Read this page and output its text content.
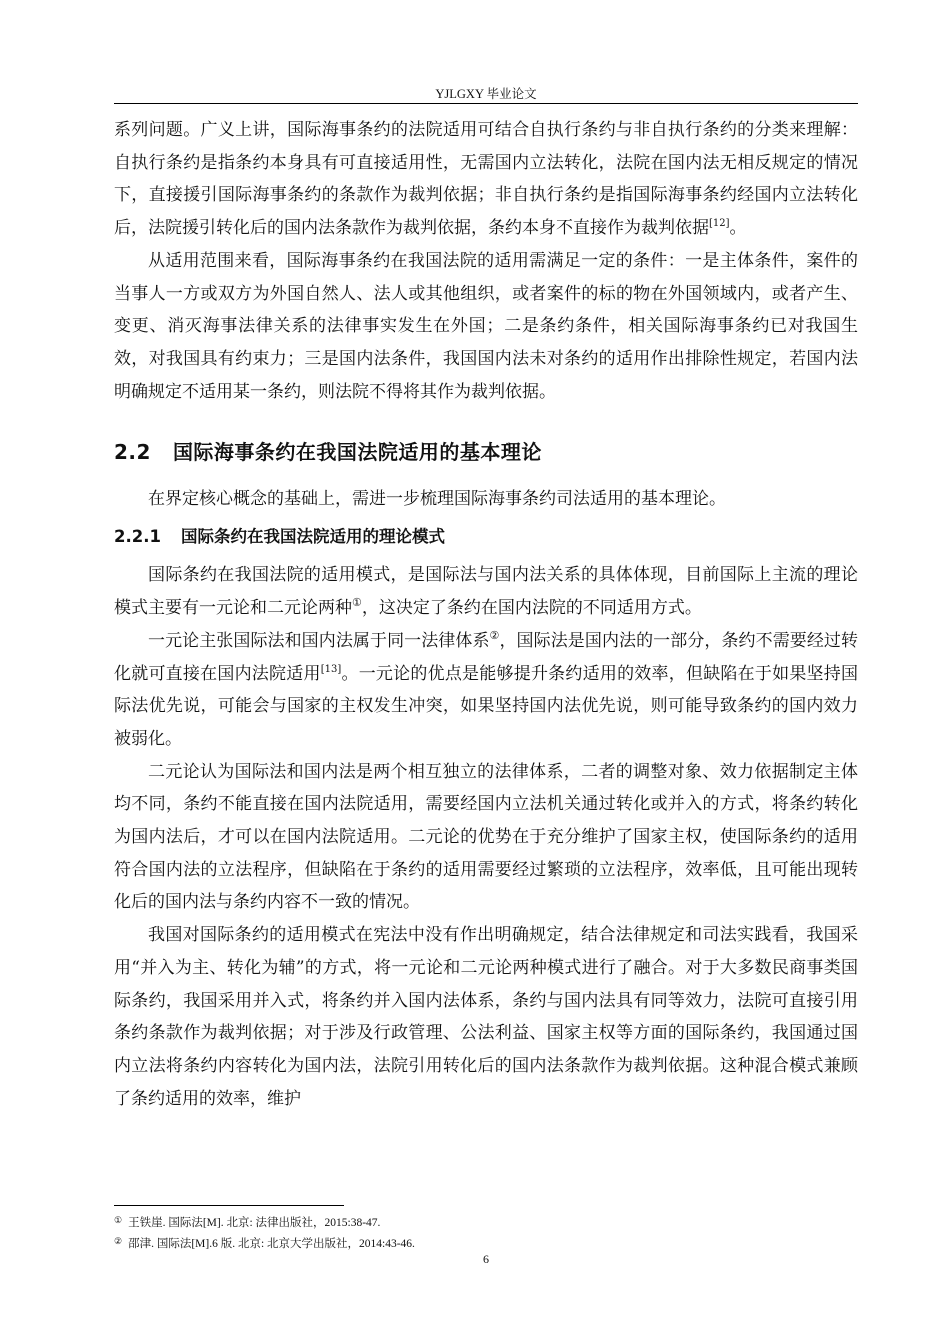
YJLGXY 毕业论文

系列问题。广义上讲，国际海事条约的法院适用可结合自执行条约与非自执行条约的分类来理解：自执行条约是指条约本身具有可直接适用性，无需国内立法转化，法院在国内法无相反规定的情况下，直接援引国际海事条约的条款作为裁判依据；非自执行条约是指国际海事条约经国内立法转化后，法院援引转化后的国内法条款作为裁判依据，条约本身不直接作为裁判依据[12]。

从适用范围来看，国际海事条约在我国法院的适用需满足一定的条件：一是主体条件，案件的当事人一方或双方为外国自然人、法人或其他组织，或者案件的标的物在外国领域内，或者产生、变更、消灭海事法律关系的法律事实发生在外国；二是条约条件，相关国际海事条约已对我国生效，对我国具有约束力；三是国内法条件，我国国内法未对条约的适用作出排除性规定，若国内法明确规定不适用某一条约，则法院不得将其作为裁判依据。

2.2 国际海事条约在我国法院适用的基本理论

在界定核心概念的基础上，需进一步梳理国际海事条约司法适用的基本理论。

2.2.1 国际条约在我国法院适用的理论模式

国际条约在我国法院的适用模式，是国际法与国内法关系的具体体现，目前国际上主流的理论模式主要有一元论和二元论两种①，这决定了条约在国内法院的不同适用方式。

一元论主张国际法和国内法属于同一法律体系②，国际法是国内法的一部分，条约不需要经过转化就可直接在国内法院适用[13]。一元论的优点是能够提升条约适用的效率，但缺陷在于如果坚持国际法优先说，可能会与国家的主权发生冲突，如果坚持国内法优先说，则可能导致条约的国内效力被弱化。

二元论认为国际法和国内法是两个相互独立的法律体系，二者的调整对象、效力依据制定主体均不同，条约不能直接在国内法院适用，需要经国内立法机关通过转化或并入的方式，将条约转化为国内法后，才可以在国内法院适用。二元论的优势在于充分维护了国家主权，使国际条约的适用符合国内法的立法程序，但缺陷在于条约的适用需要经过繁琐的立法程序，效率低，且可能出现转化后的国内法与条约内容不一致的情况。

我国对国际条约的适用模式在宪法中没有作出明确规定，结合法律规定和司法实践看，我国采用“并入为主、转化为辅”的方式，将一元论和二元论两种模式进行了融合。对于大多数民商事类国际条约，我国采用并入式，将条约并入国内法体系，条约与国内法具有同等效力，法院可直接引用条约条款作为裁判依据；对于涉及行政管理、公法利益、国家主权等方面的国际条约，我国通过国内立法将条约内容转化为国内法，法院引用转化后的国内法条款作为裁判依据。这种混合模式兼顾了条约适用的效率，维护

① 王铁崖. 国际法[M]. 北京: 法律出版社，2015:38-47.
② 邵津. 国际法[M].6 版. 北京: 北京大学出版社，2014:43-46.
6
